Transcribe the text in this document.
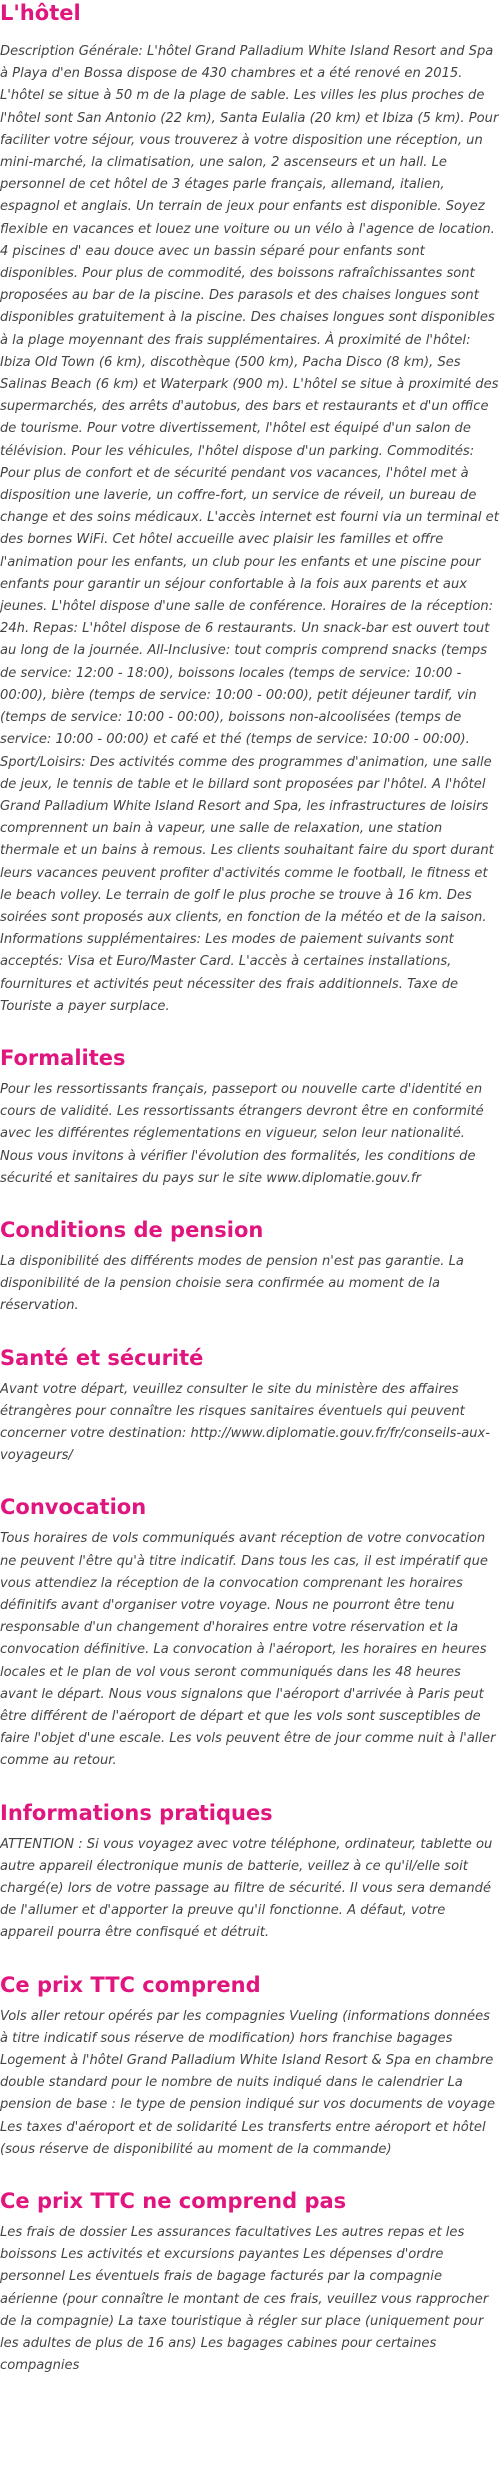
L'hôtel

Description Générale: L'hôtel Grand Palladium White Island Resort and Spa à Playa d'en Bossa dispose de 430 chambres et a été renové en 2015. L'hôtel se situe à 50 m de la plage de sable. Les villes les plus proches de l'hôtel sont San Antonio (22 km), Santa Eulalia (20 km) et Ibiza (5 km). Pour faciliter votre séjour, vous trouverez à votre disposition une réception, un mini-marché, la climatisation, une salon, 2 ascenseurs et un hall. Le personnel de cet hôtel de 3 étages parle français, allemand, italien, espagnol et anglais. Un terrain de jeux pour enfants est disponible. Soyez flexible en vacances et louez une voiture ou un vélo à l'agence de location. 4 piscines d' eau douce avec un bassin séparé pour enfants sont disponibles. Pour plus de commodité, des boissons rafraîchissantes sont proposées au bar de la piscine. Des parasols et des chaises longues sont disponibles gratuitement à la piscine. Des chaises longues sont disponibles à la plage moyennant des frais supplémentaires. À proximité de l'hôtel: Ibiza Old Town (6 km), discothèque (500 km), Pacha Disco (8 km), Ses Salinas Beach (6 km) et Waterpark (900 m). L'hôtel se situe à proximité des supermarchés, des arrêts d'autobus, des bars et restaurants et d'un office de tourisme. Pour votre divertissement, l'hôtel est équipé d'un salon de télévision. Pour les véhicules, l'hôtel dispose d'un parking. Commodités: Pour plus de confort et de sécurité pendant vos vacances, l'hôtel met à disposition une laverie, un coffre-fort, un service de réveil, un bureau de change et des soins médicaux. L'accès internet est fourni via un terminal et des bornes WiFi. Cet hôtel accueille avec plaisir les familles et offre l'animation pour les enfants, un club pour les enfants et une piscine pour enfants pour garantir un séjour confortable à la fois aux parents et aux jeunes. L'hôtel dispose d'une salle de conférence. Horaires de la réception: 24h. Repas: L'hôtel dispose de 6 restaurants. Un snack-bar est ouvert tout au long de la journée. All-Inclusive: tout compris comprend snacks (temps de service: 12:00 - 18:00), boissons locales (temps de service: 10:00 - 00:00), bière (temps de service: 10:00 - 00:00), petit déjeuner tardif, vin (temps de service: 10:00 - 00:00), boissons non-alcoolisées (temps de service: 10:00 - 00:00) et café et thé (temps de service: 10:00 - 00:00). Sport/Loisirs: Des activités comme des programmes d'animation, une salle de jeux, le tennis de table et le billard sont proposées par l'hôtel. A l'hôtel Grand Palladium White Island Resort and Spa, les infrastructures de loisirs comprennent un bain à vapeur, une salle de relaxation, une station thermale et un bains à remous. Les clients souhaitant faire du sport durant leurs vacances peuvent profiter d'activités comme le football, le fitness et le beach volley. Le terrain de golf le plus proche se trouve à 16 km. Des soirées sont proposés aux clients, en fonction de la météo et de la saison. Informations supplémentaires: Les modes de paiement suivants sont acceptés: Visa et Euro/Master Card. L'accès à certaines installations, fournitures et activités peut nécessiter des frais additionnels. Taxe de Touriste a payer surplace.

Formalites

Pour les ressortissants français, passeport ou nouvelle carte d'identité en cours de validité. Les ressortissants étrangers devront être en conformité avec les différentes réglementations en vigueur, selon leur nationalité. Nous vous invitons à vérifier l'évolution des formalités, les conditions de sécurité et sanitaires du pays sur le site www.diplomatie.gouv.fr

Conditions de pension

La disponibilité des différents modes de pension n'est pas garantie. La disponibilité de la pension choisie sera confirmée au moment de la réservation.

Santé et sécurité

Avant votre départ, veuillez consulter le site du ministère des affaires étrangères pour connaître les risques sanitaires éventuels qui peuvent concerner votre destination: http://www.diplomatie.gouv.fr/fr/conseils-aux-voyageurs/

Convocation

Tous horaires de vols communiqués avant réception de votre convocation ne peuvent l'être qu'à titre indicatif. Dans tous les cas, il est impératif que vous attendiez la réception de la convocation comprenant les horaires définitifs avant d'organiser votre voyage. Nous ne pourront être tenu responsable d'un changement d'horaires entre votre réservation et la convocation définitive. La convocation à l'aéroport, les horaires en heures locales et le plan de vol vous seront communiqués dans les 48 heures avant le départ. Nous vous signalons que l'aéroport d'arrivée à Paris peut être différent de l'aéroport de départ et que les vols sont susceptibles de faire l'objet d'une escale. Les vols peuvent être de jour comme nuit à l'aller comme au retour.

Informations pratiques

ATTENTION : Si vous voyagez avec votre téléphone, ordinateur, tablette ou autre appareil électronique munis de batterie, veillez à ce qu'il/elle soit chargé(e) lors de votre passage au filtre de sécurité. Il vous sera demandé de l'allumer et d'apporter la preuve qu'il fonctionne. A défaut, votre appareil pourra être confisqué et détruit.

Ce prix TTC comprend

Vols aller retour opérés par les compagnies Vueling (informations données à titre indicatif sous réserve de modification) hors franchise bagages Logement à l'hôtel Grand Palladium White Island Resort & Spa en chambre double standard pour le nombre de nuits indiqué dans le calendrier La pension de base : le type de pension indiqué sur vos documents de voyage Les taxes d'aéroport et de solidarité Les transferts entre aéroport et hôtel (sous réserve de disponibilité au moment de la commande)

Ce prix TTC ne comprend pas

Les frais de dossier Les assurances facultatives Les autres repas et les boissons Les activités et excursions payantes Les dépenses d'ordre personnel Les éventuels frais de bagage facturés par la compagnie aérienne (pour connaître le montant de ces frais, veuillez vous rapprocher de la compagnie) La taxe touristique à régler sur place (uniquement pour les adultes de plus de 16 ans) Les bagages cabines pour certaines compagnies
